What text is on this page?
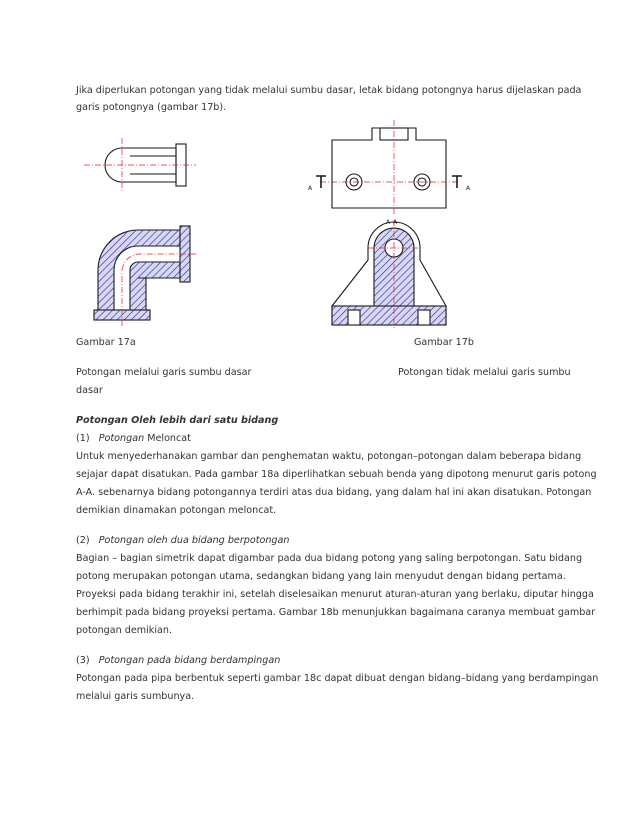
Jika diperlukan potongan yang tidak melalui sumbu dasar, letak bidang potongnya harus dijelaskan pada
garis potongnya (gambar 17b).
A	A
A–A
Gambar 17a	Gambar 17b
Potongan melalui garis sumbu dasar	Potongan tidak melalui garis sumbu
dasar
Potongan Oleh lebih dari satu bidang
(1) Potongan Meloncat
Untuk menyederhanakan gambar dan penghematan waktu, potongan–potongan dalam beberapa bidang
sejajar dapat disatukan. Pada gambar 18a diperlihatkan sebuah benda yang dipotong menurut garis potong
A-A. sebenarnya bidang potongannya terdiri atas dua bidang, yang dalam hal ini akan disatukan. Potongan
demikian dinamakan potongan meloncat.
(2) Potongan oleh dua bidang berpotongan
Bagian – bagian simetrik dapat digambar pada dua bidang potong yang saling berpotongan. Satu bidang
potong merupakan potongan utama, sedangkan bidang yang lain menyudut dengan bidang pertama.
Proyeksi pada bidang terakhir ini, setelah diselesaikan menurut aturan-aturan yang berlaku, diputar hingga
berhimpit pada bidang proyeksi pertama. Gambar 18b menunjukkan bagaimana caranya membuat gambar
potongan demikian.
(3) Potongan pada bidang berdampingan
Potongan pada pipa berbentuk seperti gambar 18c dapat dibuat dengan bidang–bidang yang berdampingan
melalui garis sumbunya.
